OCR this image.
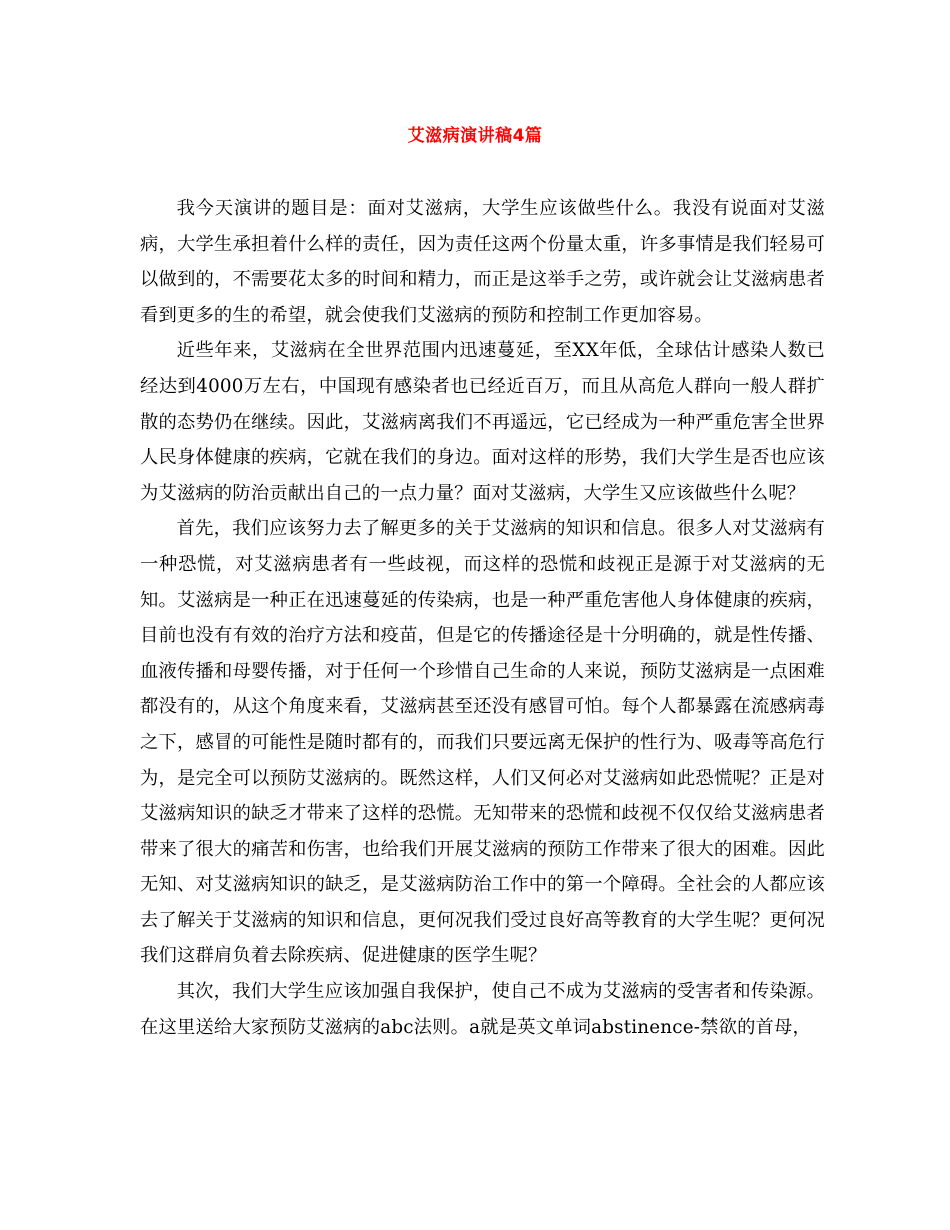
艾滋病演讲稿4篇

我今天演讲的题目是：面对艾滋病，大学生应该做些什么。我没有说面对艾滋病，大学生承担着什么样的责任，因为责任这两个份量太重，许多事情是我们轻易可以做到的，不需要花太多的时间和精力，而正是这举手之劳，或许就会让艾滋病患者看到更多的生的希望，就会使我们艾滋病的预防和控制工作更加容易。

近些年来，艾滋病在全世界范围内迅速蔓延，至XX年低，全球估计感染人数已经达到4000万左右，中国现有感染者也已经近百万，而且从高危人群向一般人群扩散的态势仍在继续。因此，艾滋病离我们不再遥远，它已经成为一种严重危害全世界人民身体健康的疾病，它就在我们的身边。面对这样的形势，我们大学生是否也应该为艾滋病的防治贡献出自己的一点力量？面对艾滋病，大学生又应该做些什么呢？

首先，我们应该努力去了解更多的关于艾滋病的知识和信息。很多人对艾滋病有一种恐慌，对艾滋病患者有一些歧视，而这样的恐慌和歧视正是源于对艾滋病的无知。艾滋病是一种正在迅速蔓延的传染病，也是一种严重危害他人身体健康的疾病，目前也没有有效的治疗方法和疫苗，但是它的传播途径是十分明确的，就是性传播、血液传播和母婴传播，对于任何一个珍惜自己生命的人来说，预防艾滋病是一点困难都没有的，从这个角度来看，艾滋病甚至还没有感冒可怕。每个人都暴露在流感病毒之下，感冒的可能性是随时都有的，而我们只要远离无保护的性行为、吸毒等高危行为，是完全可以预防艾滋病的。既然这样，人们又何必对艾滋病如此恐慌呢？正是对艾滋病知识的缺乏才带来了这样的恐慌。无知带来的恐慌和歧视不仅仅给艾滋病患者带来了很大的痛苦和伤害，也给我们开展艾滋病的预防工作带来了很大的困难。因此无知、对艾滋病知识的缺乏，是艾滋病防治工作中的第一个障碍。全社会的人都应该去了解关于艾滋病的知识和信息，更何况我们受过良好高等教育的大学生呢？更何况我们这群肩负着去除疾病、促进健康的医学生呢？

其次，我们大学生应该加强自我保护，使自己不成为艾滋病的受害者和传染源。在这里送给大家预防艾滋病的abc法则。a就是英文单词abstinence-禁欲的首母，
